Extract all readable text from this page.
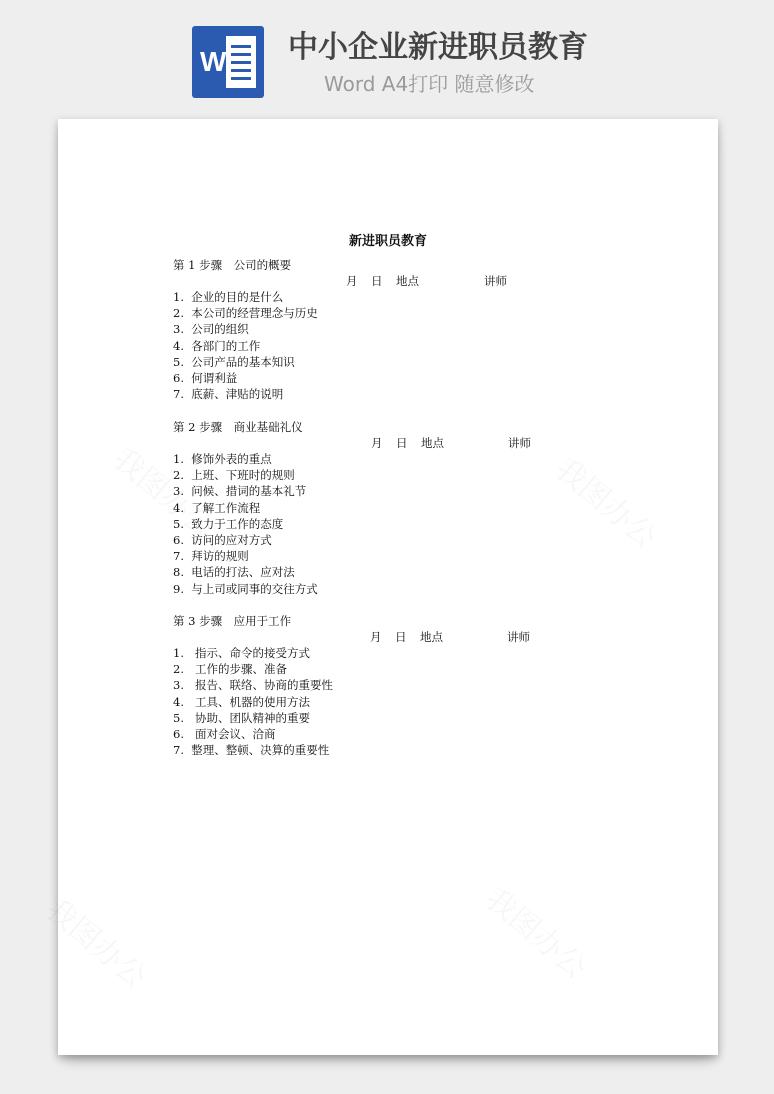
W 中小企业新进职员教育
Word A4打印 随意修改
新进职员教育
第 1 步骤　公司的概要
月 日 地点	讲师
1.  企业的目的是什么
2.  本公司的经营理念与历史
3.  公司的组织
4.  各部门的工作
5.  公司产品的基本知识
6.  何谓利益
7.  底薪、津贴的说明
第 2 步骤　商业基础礼仪
月 日 地点	讲师
1.  修饰外表的重点
2.  上班、下班时的规则
3.  问候、措词的基本礼节
4.  了解工作流程
5.  致力于工作的态度
6.  访问的应对方式
7.  拜访的规则
8.  电话的打法、应对法
9.  与上司或同事的交往方式
第 3 步骤　应用于工作
月 日 地点	讲师
1.   指示、命令的接受方式
2.   工作的步骤、准备
3.   报告、联络、协商的重要性
4.   工具、机器的使用方法
5.   协助、团队精神的重要
6.   面对会议、洽商
7.  整理、整顿、决算的重要性
